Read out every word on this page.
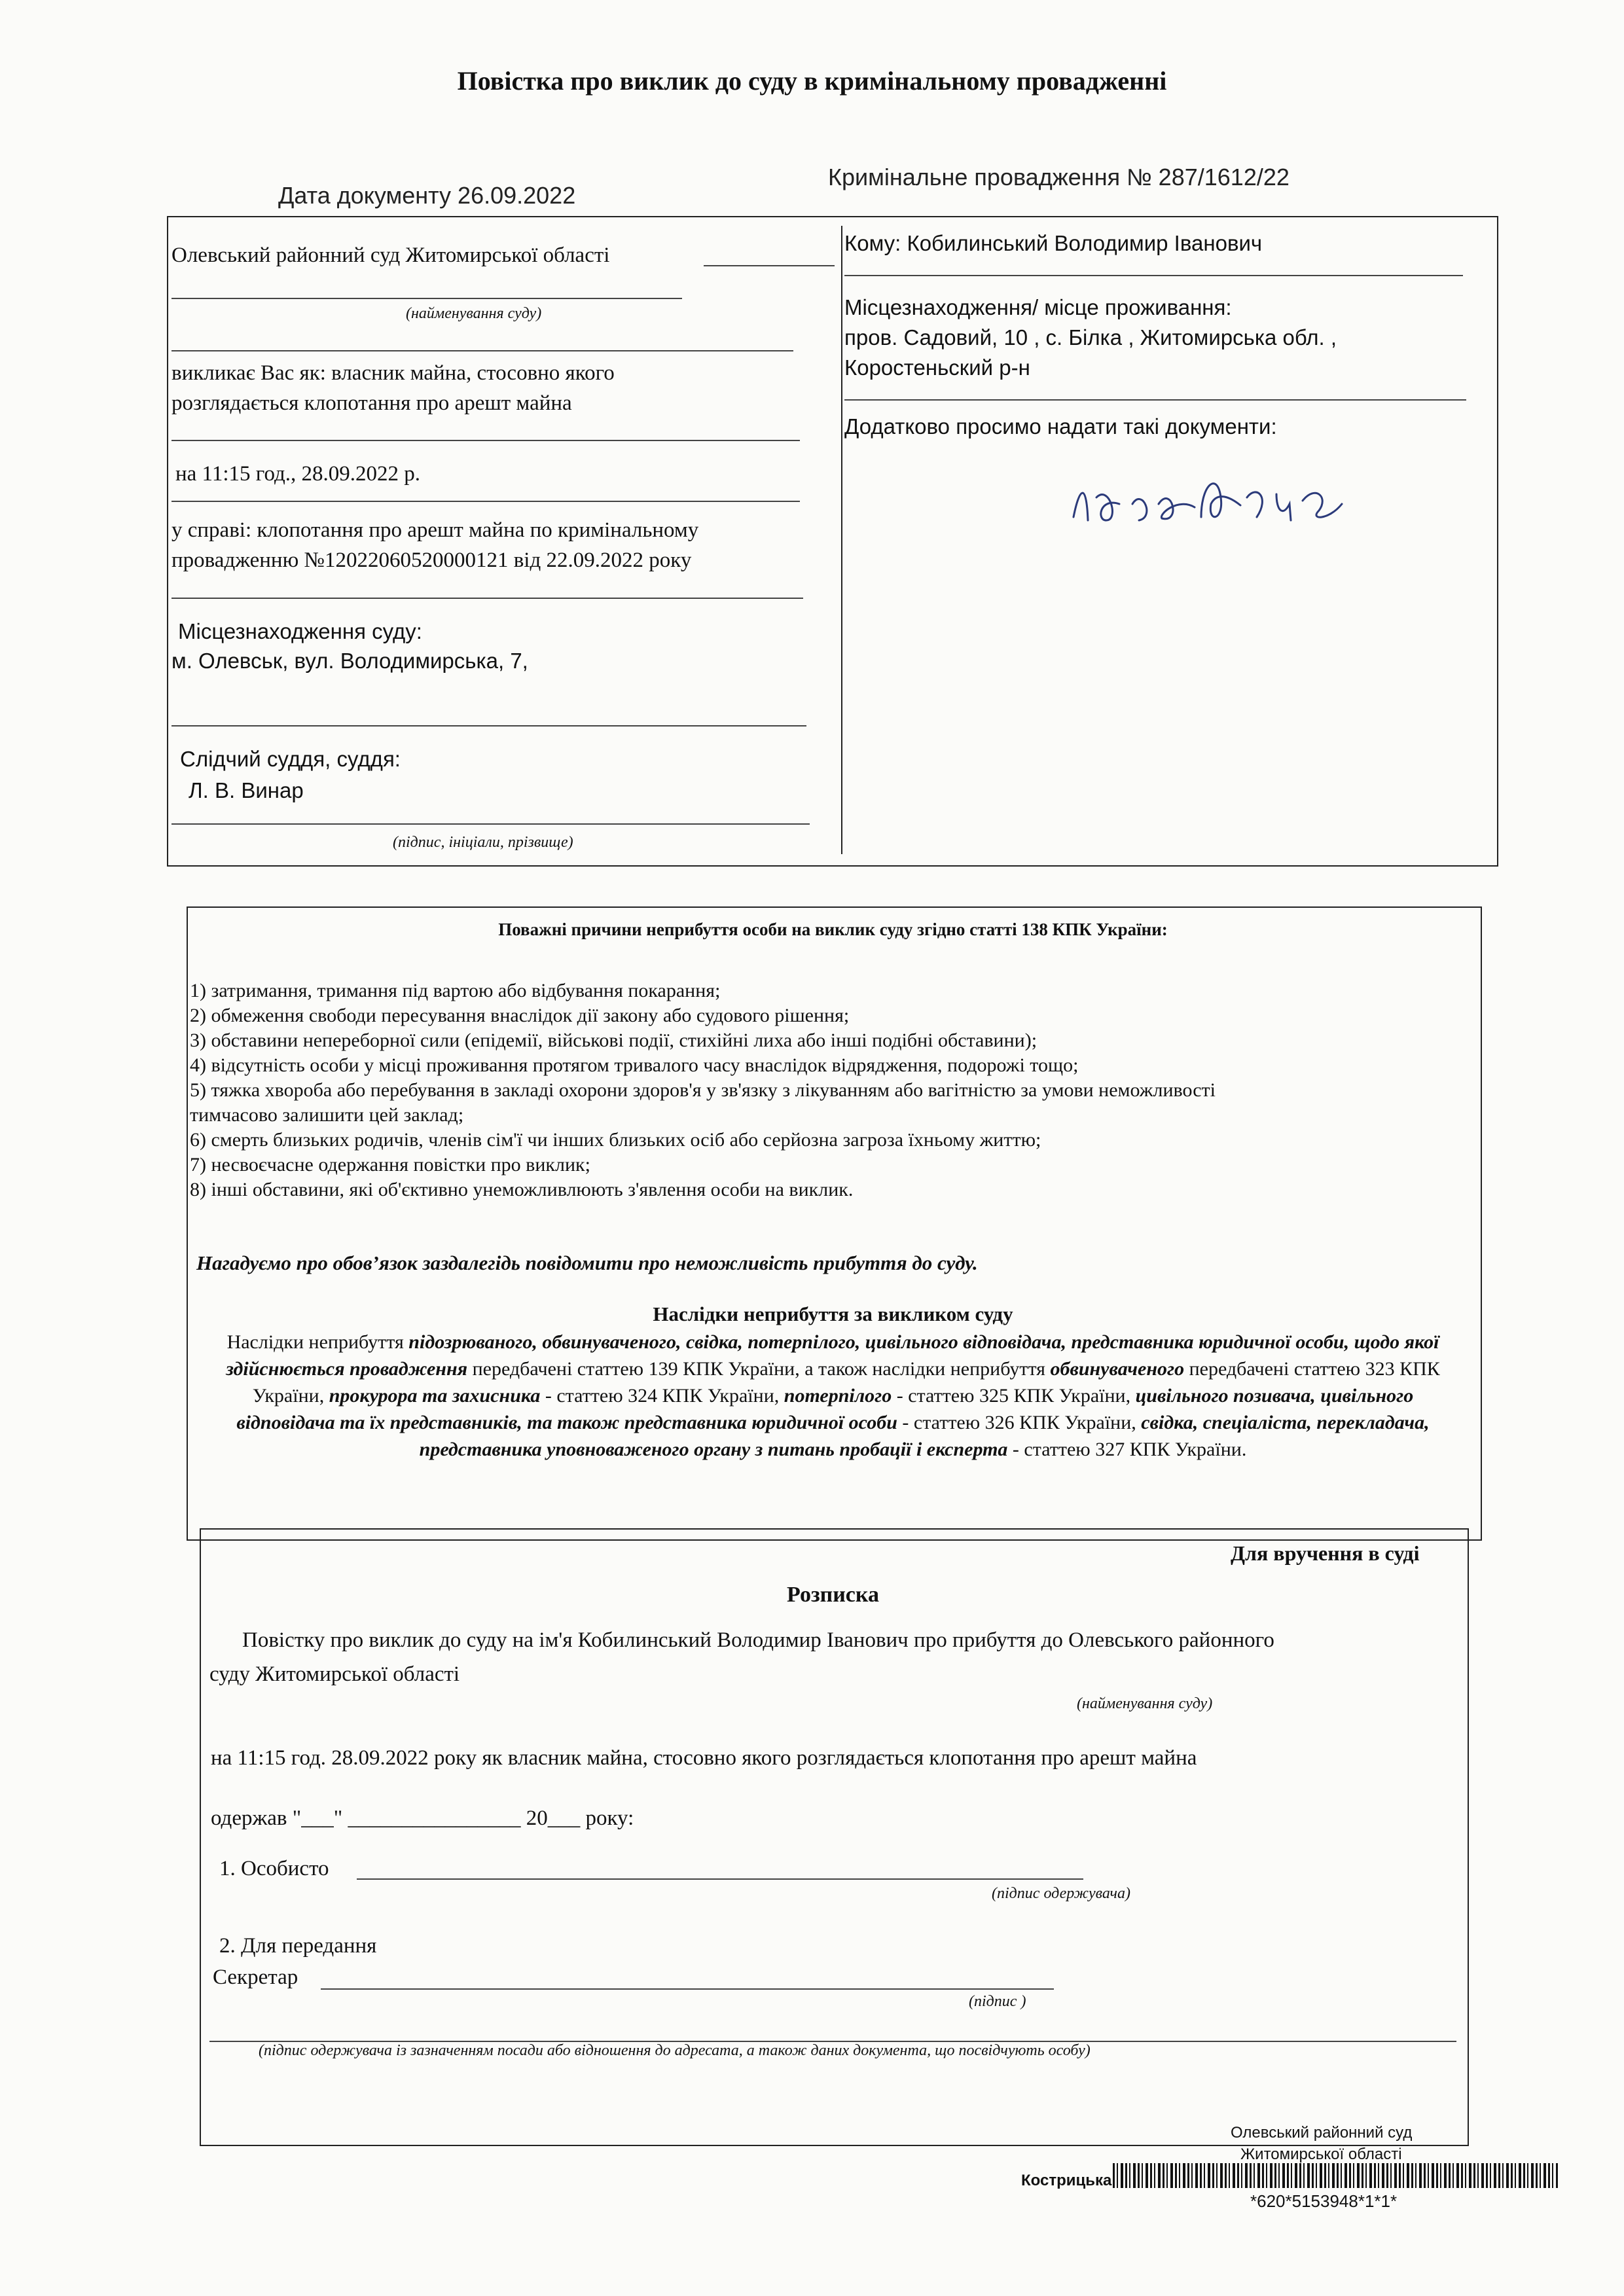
Повістка про виклик до суду в кримінальному провадженні
Дата документу 26.09.2022
Кримінальне провадження № 287/1612/22
Олевський районний суд Житомирської області
(найменування суду)
викликає Вас як: власник майна, стосовно якого
розглядається клопотання про арешт майна
на 11:15 год., 28.09.2022 р.
у справі: клопотання про арешт майна по кримінальному
провадженню №12022060520000121 від 22.09.2022 року
Місцезнаходження суду:
м. Олевськ, вул. Володимирська, 7,
Слідчий суддя, суддя:
Л. В. Винар
(підпис, ініціали, прізвище)
Кому: Кобилинський Володимир Іванович
Місцезнаходження/ місце проживання:
пров. Садовий, 10 , с. Білка , Житомирська обл. ,
Коростеньский р-н
Додатково просимо надати такі документи:
Поважні причини неприбуття особи на виклик суду згідно статті 138 КПК України:
1) затримання, тримання під вартою або відбування покарання;
2) обмеження свободи пересування внаслідок дії закону або судового рішення;
3) обставини непереборної сили (епідемії, військові події, стихійні лиха або інші подібні обставини);
4) відсутність особи у місці проживання протягом тривалого часу внаслідок відрядження, подорожі тощо;
5) тяжка хвороба або перебування в закладі охорони здоров'я у зв'язку з лікуванням або вагітністю за умови неможливості
тимчасово залишити цей заклад;
6) смерть близьких родичів, членів сім'ї чи інших близьких осіб або серйозна загроза їхньому життю;
7) несвоєчасне одержання повістки про виклик;
8) інші обставини, які об'єктивно унеможливлюють з'явлення особи на виклик.
Нагадуємо про обов’язок заздалегідь повідомити про неможливість прибуття до суду.
Наслідки неприбуття за викликом суду
Наслідки неприбуття підозрюваного, обвинуваченого, свідка, потерпілого, цивільного відповідача, представника юридичної особи, щодо якої здійснюється провадження передбачені статтею 139 КПК України, а також наслідки неприбуття обвинуваченого передбачені статтею 323 КПК України, прокурора та захисника - статтею 324 КПК України, потерпілого - статтею 325 КПК України, цивільного позивача, цивільного відповідача та їх представників, та також представника юридичної особи - статтею 326 КПК України, свідка, спеціаліста, перекладача, представника уповноваженого органу з питань пробації і експерта - статтею 327 КПК України.
Для вручення в суді
Розписка
Повістку про виклик до суду на ім'я Кобилинський Володимир Іванович про прибуття до Олевського районного
суду Житомирської області
(найменування суду)
на 11:15 год. 28.09.2022 року як власник майна, стосовно якого розглядається клопотання про арешт майна
одержав "___" ________________ 20___ року:
1. Особисто
(підпис одержувача)
2. Для передання
Секретар
(підпис )
(підпис одержувача із зазначенням посади або відношення до адресата, а також даних документа, що посвідчують особу)
Олевський районний суд
Житомирської області
Кострицька
*620*5153948*1*1*
